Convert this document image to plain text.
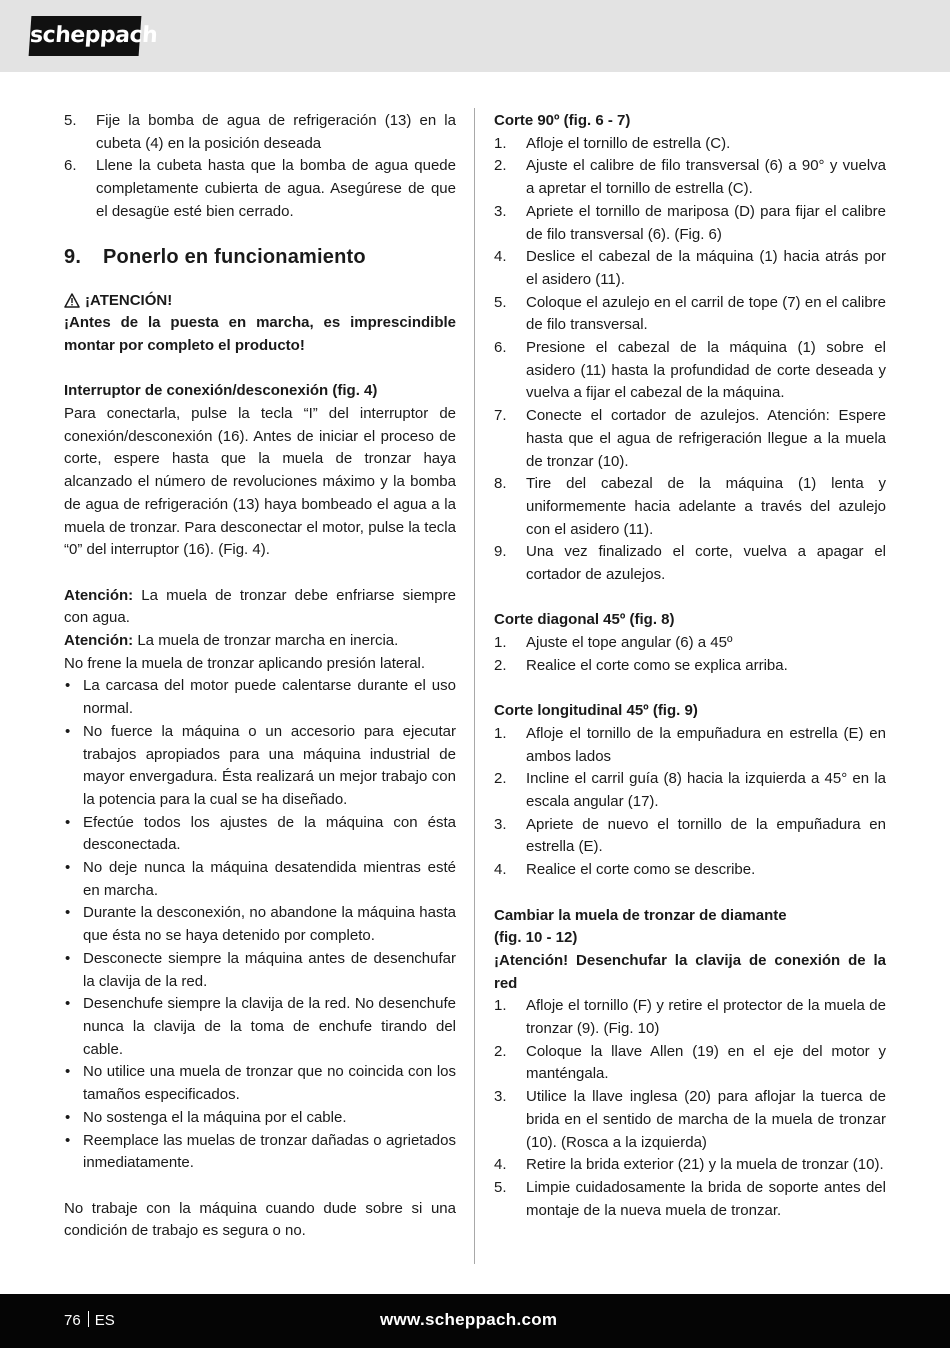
scheppach
5. Fije la bomba de agua de refrigeración (13) en la cubeta (4) en la posición deseada
6. Llene la cubeta hasta que la bomba de agua quede completamente cubierta de agua. Asegúrese de que el desagüe esté bien cerrado.
9. Ponerlo en funcionamiento
¡ATENCIÓN!

¡Antes de la puesta en marcha, es imprescindible montar por completo el producto!

Interruptor de conexión/desconexión (fig. 4)

Para conectarla, pulse la tecla “I” del interruptor de conexión/desconexión (16). Antes de iniciar el proceso de corte, espere hasta que la muela de tronzar haya alcanzado el número de revoluciones máximo y la bomba de agua de refrigeración (13) haya bombeado el agua a la muela de tronzar. Para desconectar el motor, pulse la tecla “0” del interruptor (16). (Fig. 4).

Atención: La muela de tronzar debe enfriarse siempre con agua.

Atención: La muela de tronzar marcha en inercia.

No frene la muela de tronzar aplicando presión lateral.

• La carcasa del motor puede calentarse durante el uso normal.
• No fuerce la máquina o un accesorio para ejecutar trabajos apropiados para una máquina industrial de mayor envergadura. Ésta realizará un mejor trabajo con la potencia para la cual se ha diseñado.
• Efectúe todos los ajustes de la máquina con ésta desconectada.
• No deje nunca la máquina desatendida mientras esté en marcha.
• Durante la desconexión, no abandone la máquina hasta que ésta no se haya detenido por completo.
• Desconecte siempre la máquina antes de desenchufar la clavija de la red.
• Desenchufe siempre la clavija de la red. No desenchufe nunca la clavija de la toma de enchufe tirando del cable.
• No utilice una muela de tronzar que no coincida con los tamaños especificados.
• No sostenga el la máquina por el cable.
• Reemplace las muelas de tronzar dañadas o agrietados inmediatamente.

No trabaje con la máquina cuando dude sobre si una condición de trabajo es segura o no.

Corte 90º (fig. 6 - 7)

1. Afloje el tornillo de estrella (C).
2. Ajuste el calibre de filo transversal (6) a 90° y vuelva a apretar el tornillo de estrella (C).
3. Apriete el tornillo de mariposa (D) para fijar el calibre de filo transversal (6). (Fig. 6)
4. Deslice el cabezal de la máquina (1) hacia atrás por el asidero (11).
5. Coloque el azulejo en el carril de tope (7) en el calibre de filo transversal.
6. Presione el cabezal de la máquina (1) sobre el asidero (11) hasta la profundidad de corte deseada y vuelva a fijar el cabezal de la máquina.
7. Conecte el cortador de azulejos. Atención: Espere hasta que el agua de refrigeración llegue a la muela de tronzar (10).
8. Tire del cabezal de la máquina (1) lenta y uniformemente hacia adelante a través del azulejo con el asidero (11).
9. Una vez finalizado el corte, vuelva a apagar el cortador de azulejos.

Corte diagonal 45º (fig. 8)

1. Ajuste el tope angular (6) a 45º
2. Realice el corte como se explica arriba.

Corte longitudinal 45º (fig. 9)

1. Afloje el tornillo de la empuñadura en estrella (E) en ambos lados
2. Incline el carril guía (8) hacia la izquierda a 45° en la escala angular (17).
3. Apriete de nuevo el tornillo de la empuñadura en estrella (E).
4. Realice el corte como se describe.

Cambiar la muela de tronzar de diamante

(fig. 10 - 12)

¡Atención! Desenchufar la clavija de conexión de la red

1. Afloje el tornillo (F) y retire el protector de la muela de tronzar (9). (Fig. 10)
2. Coloque la llave Allen (19) en el eje del motor y manténgala.
3. Utilice la llave inglesa (20) para aflojar la tuerca de brida en el sentido de marcha de la muela de tronzar (10). (Rosca a la izquierda)
4. Retire la brida exterior (21) y la muela de tronzar (10).
5. Limpie cuidadosamente la brida de soporte antes del montaje de la nueva muela de tronzar.
76 ES	www.scheppach.com
